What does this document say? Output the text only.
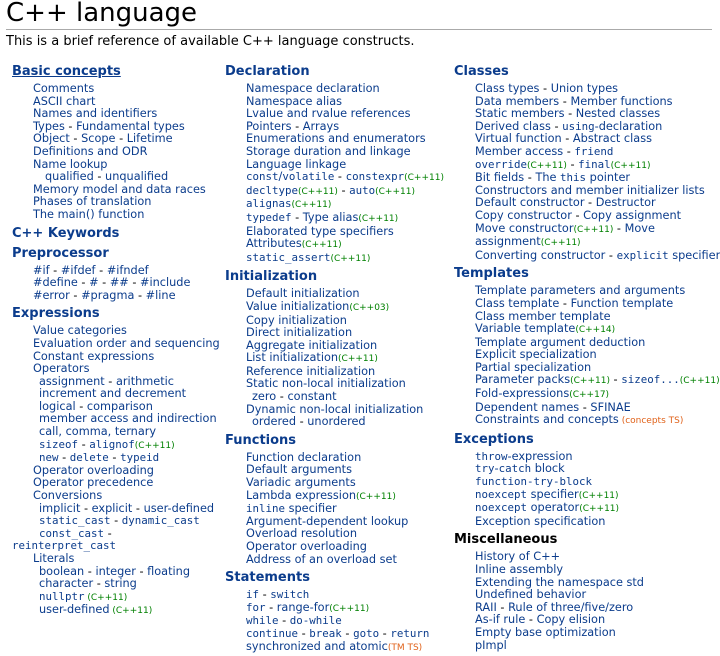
C++ language
This is a brief reference of available C++ language constructs.
Basic concepts
Comments
ASCII chart
Names and identifiers
Types - Fundamental types
Object - Scope - Lifetime
Definitions and ODR
Name lookup
qualified - unqualified
Memory model and data races
Phases of translation
The main() function
C++ Keywords
Preprocessor
#if - #ifdef - #ifndef
#define - # - ## - #include
#error - #pragma - #line
Expressions
Value categories
Evaluation order and sequencing
Constant expressions
Operators
assignment - arithmetic
increment and decrement
logical - comparison
member access and indirection
call, comma, ternary
sizeof - alignof(C++11)
new - delete - typeid
Operator overloading
Operator precedence
Conversions
implicit - explicit - user-defined
static_cast - dynamic_cast
const_cast -
reinterpret_cast
Literals
boolean - integer - floating
character - string
nullptr (C++11)
user-defined (C++11)
Declaration
Namespace declaration
Namespace alias
Lvalue and rvalue references
Pointers - Arrays
Enumerations and enumerators
Storage duration and linkage
Language linkage
const/volatile - constexpr(C++11)
decltype(C++11) - auto(C++11)
alignas(C++11)
typedef - Type alias(C++11)
Elaborated type specifiers
Attributes(C++11)
static_assert(C++11)
Initialization
Default initialization
Value initialization(C++03)
Copy initialization
Direct initialization
Aggregate initialization
List initialization(C++11)
Reference initialization
Static non-local initialization
zero - constant
Dynamic non-local initialization
ordered - unordered
Functions
Function declaration
Default arguments
Variadic arguments
Lambda expression(C++11)
inline specifier
Argument-dependent lookup
Overload resolution
Operator overloading
Address of an overload set
Statements
if - switch
for - range-for(C++11)
while - do-while
continue - break - goto - return
synchronized and atomic(TM TS)
Classes
Class types - Union types
Data members - Member functions
Static members - Nested classes
Derived class - using-declaration
Virtual function - Abstract class
Member access - friend
override(C++11) - final(C++11)
Bit fields - The this pointer
Constructors and member initializer lists
Default constructor - Destructor
Copy constructor - Copy assignment
Move constructor(C++11) - Move
assignment(C++11)
Converting constructor - explicit specifier
Templates
Template parameters and arguments
Class template - Function template
Class member template
Variable template(C++14)
Template argument deduction
Explicit specialization
Partial specialization
Parameter packs(C++11) - sizeof...(C++11)
Fold-expressions(C++17)
Dependent names - SFINAE
Constraints and concepts (concepts TS)
Exceptions
throw-expression
try-catch block
function-try-block
noexcept specifier(C++11)
noexcept operator(C++11)
Exception specification
Miscellaneous
History of C++
Inline assembly
Extending the namespace std
Undefined behavior
RAII - Rule of three/five/zero
As-if rule - Copy elision
Empty base optimization
pImpl
